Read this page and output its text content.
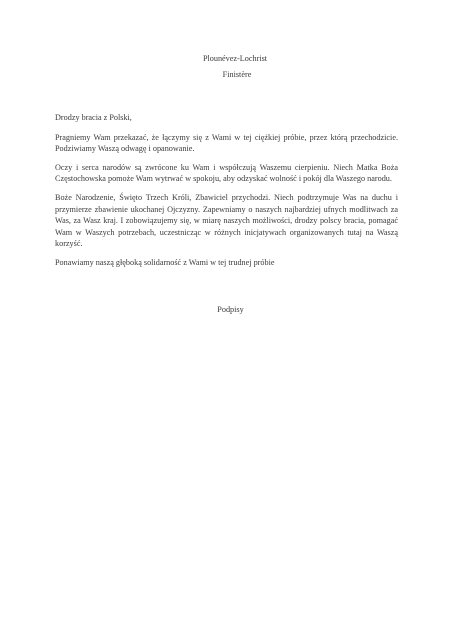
Plounévez-Lochrist
Finistère

Drodzy bracia z Polski,

Pragniemy Wam przekazać, że łączymy się z Wami w tej ciężkiej próbie, przez którą przechodzicie. Podziwiamy Waszą odwagę i opanowanie.

Oczy i serca narodów są zwrócone ku Wam i współczują Waszemu cierpieniu. Niech Matka Boża Częstochowska pomoże Wam wytrwać w spokoju, aby odzyskać wolność i pokój dla Waszego narodu.

Boże Narodzenie, Święto Trzech Króli, Zbawiciel przychodzi. Niech podtrzymuje Was na duchu i przymierze zbawienie ukochanej Ojczyzny. Zapewniamy o naszych najbardziej ufnych modlitwach za Was, za Wasz kraj. I zobowiązujemy się, w miarę naszych możliwości, drodzy polscy bracia, pomagać Wam w Waszych potrzebach, uczestnicząc w różnych inicjatywach organizowanych tutaj na Waszą korzyść.

Ponawiamy naszą głęboką solidarność z Wami w tej trudnej próbie

Podpisy
